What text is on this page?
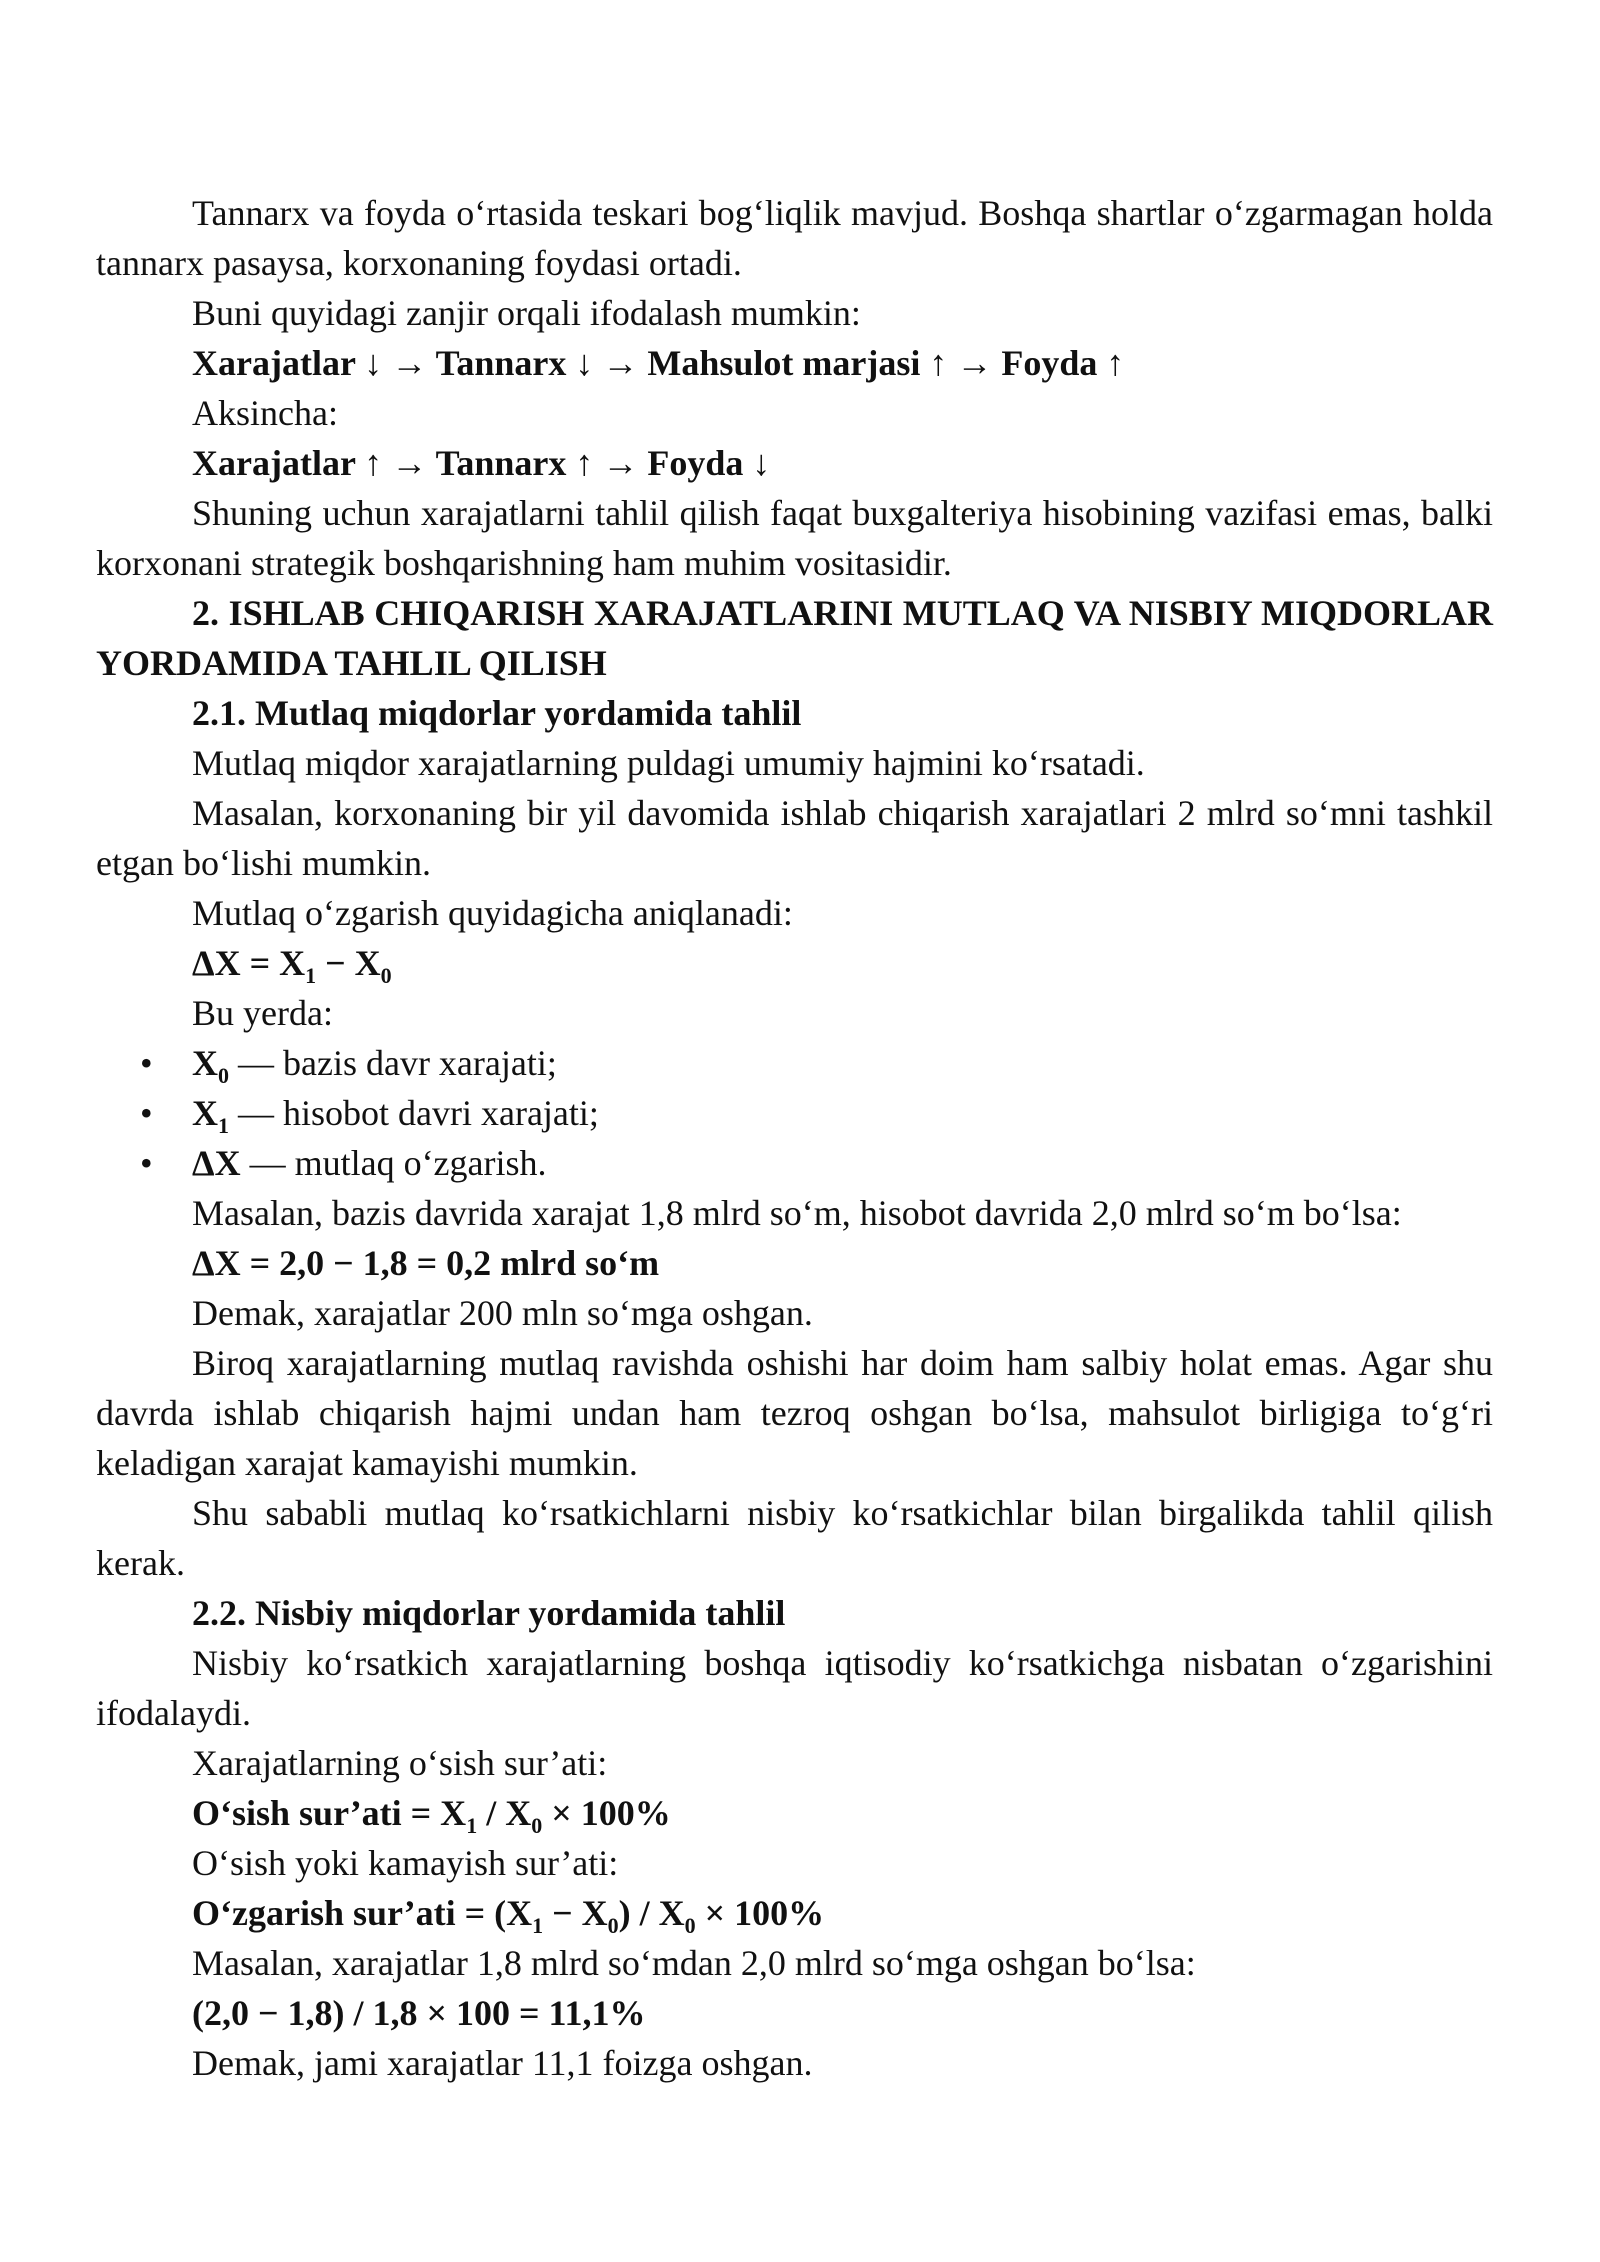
Tannarx va foyda oʻrtasida teskari bogʻliqlik mavjud. Boshqa shartlar oʻzgarmagan holda tannarx pasaysa, korxonaning foydasi ortadi.

Buni quyidagi zanjir orqali ifodalash mumkin:

Xarajatlar ↓ → Tannarx ↓ → Mahsulot marjasi ↑ → Foyda ↑

Aksincha:

Xarajatlar ↑ → Tannarx ↑ → Foyda ↓

Shuning uchun xarajatlarni tahlil qilish faqat buxgalteriya hisobining vazifasi emas, balki korxonani strategik boshqarishning ham muhim vositasidir.

2. ISHLAB CHIQARISH XARAJATLARINI MUTLAQ VA NISBIY MIQDORLAR YORDAMIDA TAHLIL QILISH

2.1. Mutlaq miqdorlar yordamida tahlil

Mutlaq miqdor xarajatlarning puldagi umumiy hajmini koʻrsatadi.

Masalan, korxonaning bir yil davomida ishlab chiqarish xarajatlari 2 mlrd soʻmni tashkil etgan boʻlishi mumkin.

Mutlaq oʻzgarish quyidagicha aniqlanadi:

$\Delta X = X_1 - X_0$

Bu yerda:

• $X_0$ — bazis davr xarajati;

• $X_1$ — hisobot davri xarajati;

• ΔX — mutlaq oʻzgarish.

Masalan, bazis davrida xarajat 1,8 mlrd soʻm, hisobot davrida 2,0 mlrd soʻm boʻlsa:

ΔX = 2,0 − 1,8 = 0,2 mlrd soʻm

Demak, xarajatlar 200 mln soʻmga oshgan.

Biroq xarajatlarning mutlaq ravishda oshishi har doim ham salbiy holat emas. Agar shu davrda ishlab chiqarish hajmi undan ham tezroq oshgan boʻlsa, mahsulot birligiga toʻgʻri keladigan xarajat kamayishi mumkin.

Shu sababli mutlaq koʻrsatkichlarni nisbiy koʻrsatkichlar bilan birgalikda tahlil qilish kerak.

2.2. Nisbiy miqdorlar yordamida tahlil

Nisbiy koʻrsatkich xarajatlarning boshqa iqtisodiy koʻrsatkichga nisbatan oʻzgarishini ifodalaydi.

Xarajatlarning oʻsish sur’ati:

Oʻsish sur’ati = $X_1 / X_0 \times 100\%$

Oʻsish yoki kamayish sur’ati:

Oʻzgarish sur’ati = $(X_1 - X_0) / X_0 \times 100\%$

Masalan, xarajatlar 1,8 mlrd soʻmdan 2,0 mlrd soʻmga oshgan boʻlsa:

(2,0 − 1,8) / 1,8 × 100 = 11,1%

Demak, jami xarajatlar 11,1 foizga oshgan.
